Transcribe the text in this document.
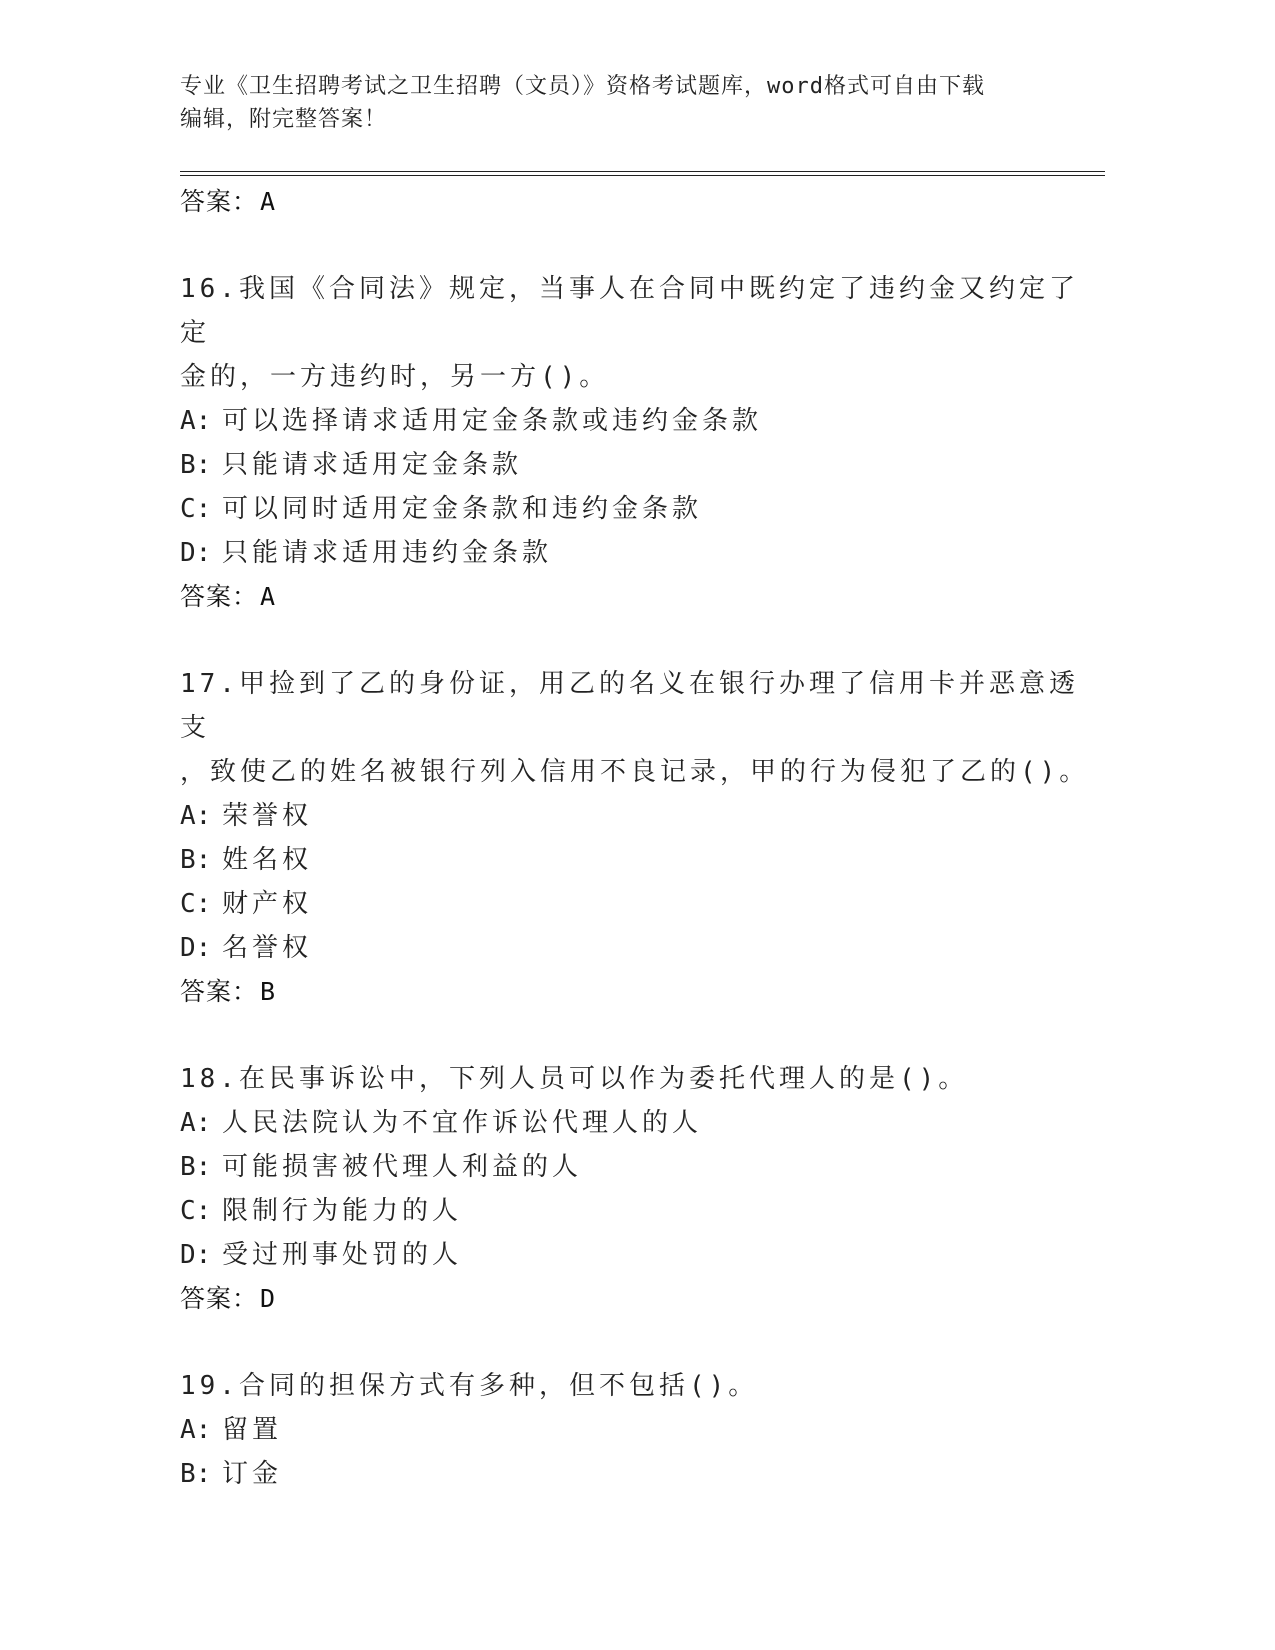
专业《卫生招聘考试之卫生招聘（文员）》资格考试题库，word格式可自由下载
编辑，附完整答案！
答案：A
16.我国《合同法》规定，当事人在合同中既约定了违约金又约定了定
金的，一方违约时，另一方()。
A: 可以选择请求适用定金条款或违约金条款
B: 只能请求适用定金条款
C: 可以同时适用定金条款和违约金条款
D: 只能请求适用违约金条款
答案：A
17.甲捡到了乙的身份证，用乙的名义在银行办理了信用卡并恶意透支
，致使乙的姓名被银行列入信用不良记录，甲的行为侵犯了乙的()。
A: 荣誉权
B: 姓名权
C: 财产权
D: 名誉权
答案：B
18.在民事诉讼中，下列人员可以作为委托代理人的是()。
A: 人民法院认为不宜作诉讼代理人的人
B: 可能损害被代理人利益的人
C: 限制行为能力的人
D: 受过刑事处罚的人
答案：D
19.合同的担保方式有多种，但不包括()。
A: 留置
B: 订金
